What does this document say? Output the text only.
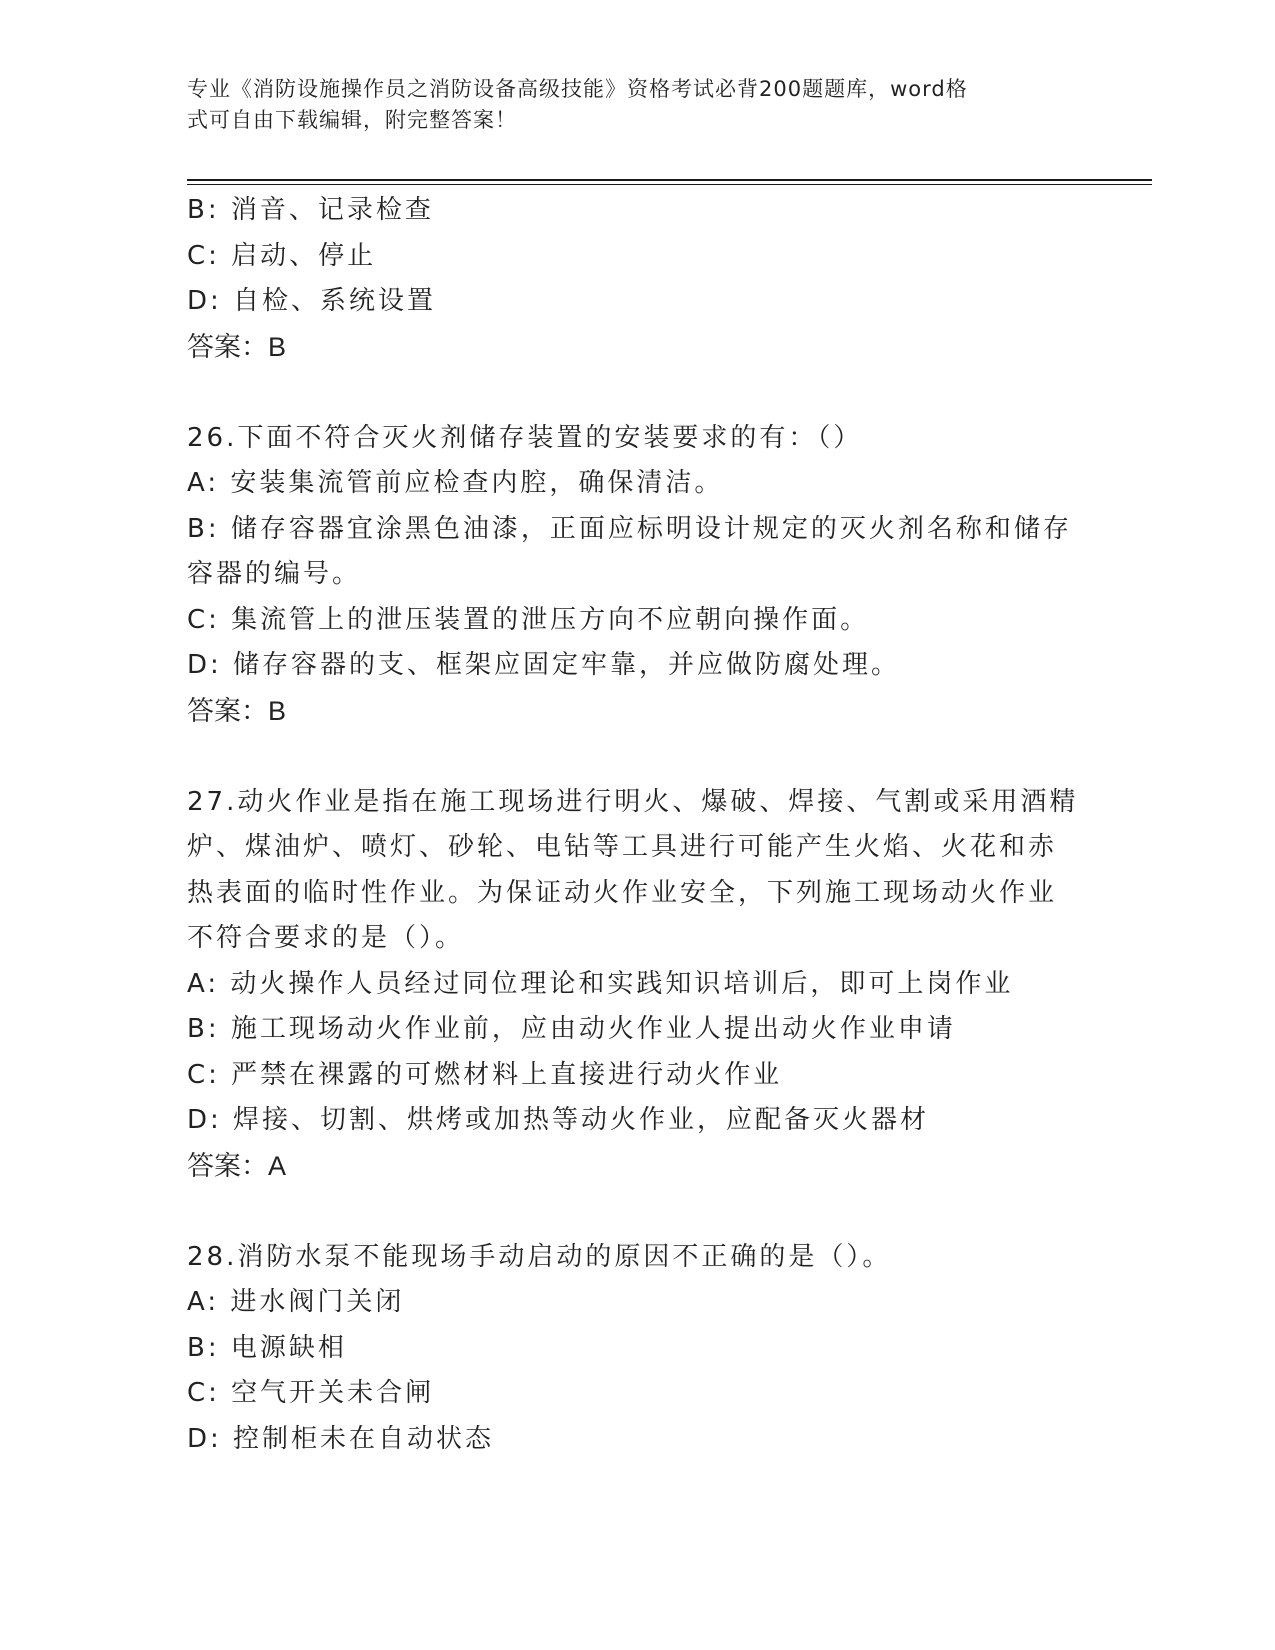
专业《消防设施操作员之消防设备高级技能》资格考试必背200题题库，word格
式可自由下载编辑，附完整答案！
B: 消音、记录检查
C: 启动、停止
D: 自检、系统设置
答案：B
26.下面不符合灭火剂储存装置的安装要求的有：（）
A: 安装集流管前应检查内腔，确保清洁。
B: 储存容器宜涂黑色油漆，正面应标明设计规定的灭火剂名称和储存
容器的编号。
C: 集流管上的泄压装置的泄压方向不应朝向操作面。
D: 储存容器的支、框架应固定牢靠，并应做防腐处理。
答案：B
27.动火作业是指在施工现场进行明火、爆破、焊接、气割或采用酒精
炉、煤油炉、喷灯、砂轮、电钻等工具进行可能产生火焰、火花和赤
热表面的临时性作业。为保证动火作业安全，下列施工现场动火作业
不符合要求的是（）。
A: 动火操作人员经过同位理论和实践知识培训后，即可上岗作业
B: 施工现场动火作业前，应由动火作业人提出动火作业申请
C: 严禁在裸露的可燃材料上直接进行动火作业
D: 焊接、切割、烘烤或加热等动火作业，应配备灭火器材
答案：A
28.消防水泵不能现场手动启动的原因不正确的是（）。
A: 进水阀门关闭
B: 电源缺相
C: 空气开关未合闸
D: 控制柜未在自动状态
